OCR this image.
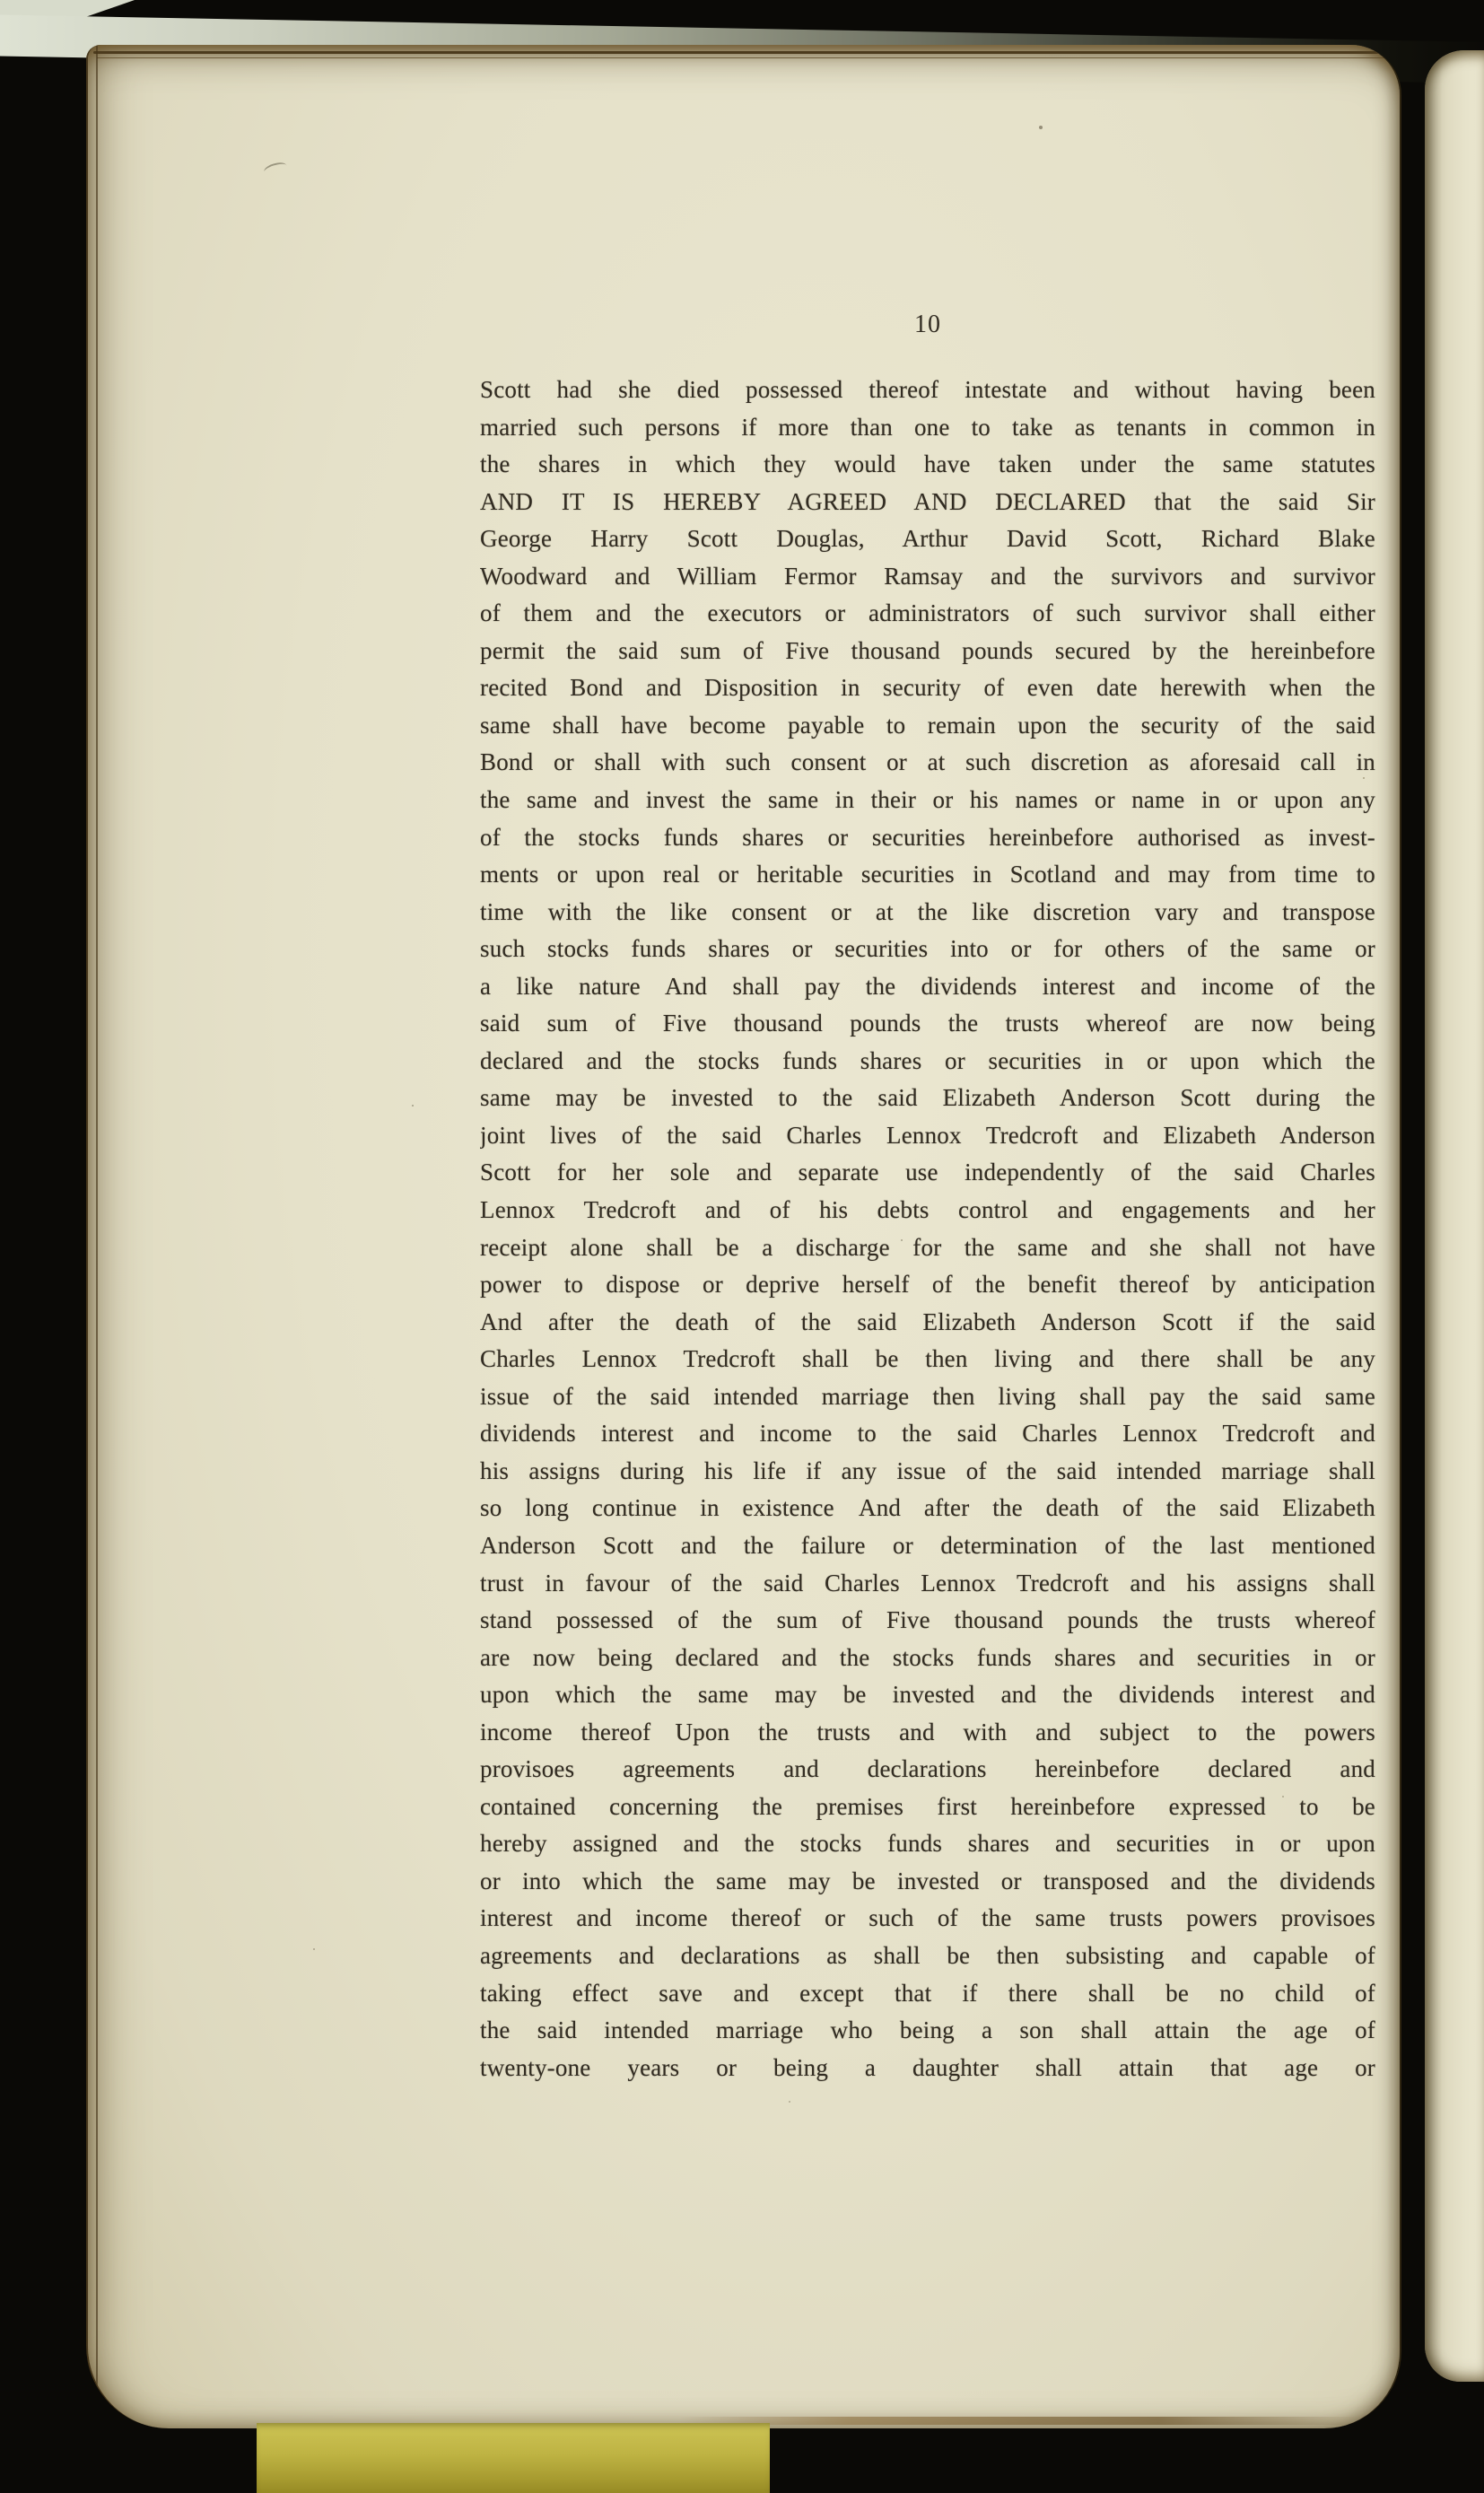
10
Scott had she died possessed thereof intestate and without having been
married such persons if more than one to take as tenants in common in
the shares in which they would have taken under the same statutes
AND IT IS HEREBY AGREED AND DECLARED that the said Sir
George Harry Scott Douglas, Arthur David Scott, Richard Blake
Woodward and William Fermor Ramsay and the survivors and survivor
of them and the executors or administrators of such survivor shall either
permit the said sum of Five thousand pounds secured by the hereinbefore
recited Bond and Disposition in security of even date herewith when the
same shall have become payable to remain upon the security of the said
Bond or shall with such consent or at such discretion as aforesaid call in
the same and invest the same in their or his names or name in or upon any
of the stocks funds shares or securities hereinbefore authorised as invest-
ments or upon real or heritable securities in Scotland and may from time to
time with the like consent or at the like discretion vary and transpose
such stocks funds shares or securities into or for others of the same or
a like nature And shall pay the dividends interest and income of the
said sum of Five thousand pounds the trusts whereof are now being
declared and the stocks funds shares or securities in or upon which the
same may be invested to the said Elizabeth Anderson Scott during the
joint lives of the said Charles Lennox Tredcroft and Elizabeth Anderson
Scott for her sole and separate use independently of the said Charles
Lennox Tredcroft and of his debts control and engagements and her
receipt alone shall be a discharge for the same and she shall not have
power to dispose or deprive herself of the benefit thereof by anticipation
And after the death of the said Elizabeth Anderson Scott if the said
Charles Lennox Tredcroft shall be then living and there shall be any
issue of the said intended marriage then living shall pay the said same
dividends interest and income to the said Charles Lennox Tredcroft and
his assigns during his life if any issue of the said intended marriage shall
so long continue in existence And after the death of the said Elizabeth
Anderson Scott and the failure or determination of the last mentioned
trust in favour of the said Charles Lennox Tredcroft and his assigns shall
stand possessed of the sum of Five thousand pounds the trusts whereof
are now being declared and the stocks funds shares and securities in or
upon which the same may be invested and the dividends interest and
income thereof Upon the trusts and with and subject to the powers
provisoes agreements and declarations hereinbefore declared and
contained concerning the premises first hereinbefore expressed to be
hereby assigned and the stocks funds shares and securities in or upon
or into which the same may be invested or transposed and the dividends
interest and income thereof or such of the same trusts powers provisoes
agreements and declarations as shall be then subsisting and capable of
taking effect save and except that if there shall be no child of
the said intended marriage who being a son shall attain the age of
twenty-one years or being a daughter shall attain that age or
